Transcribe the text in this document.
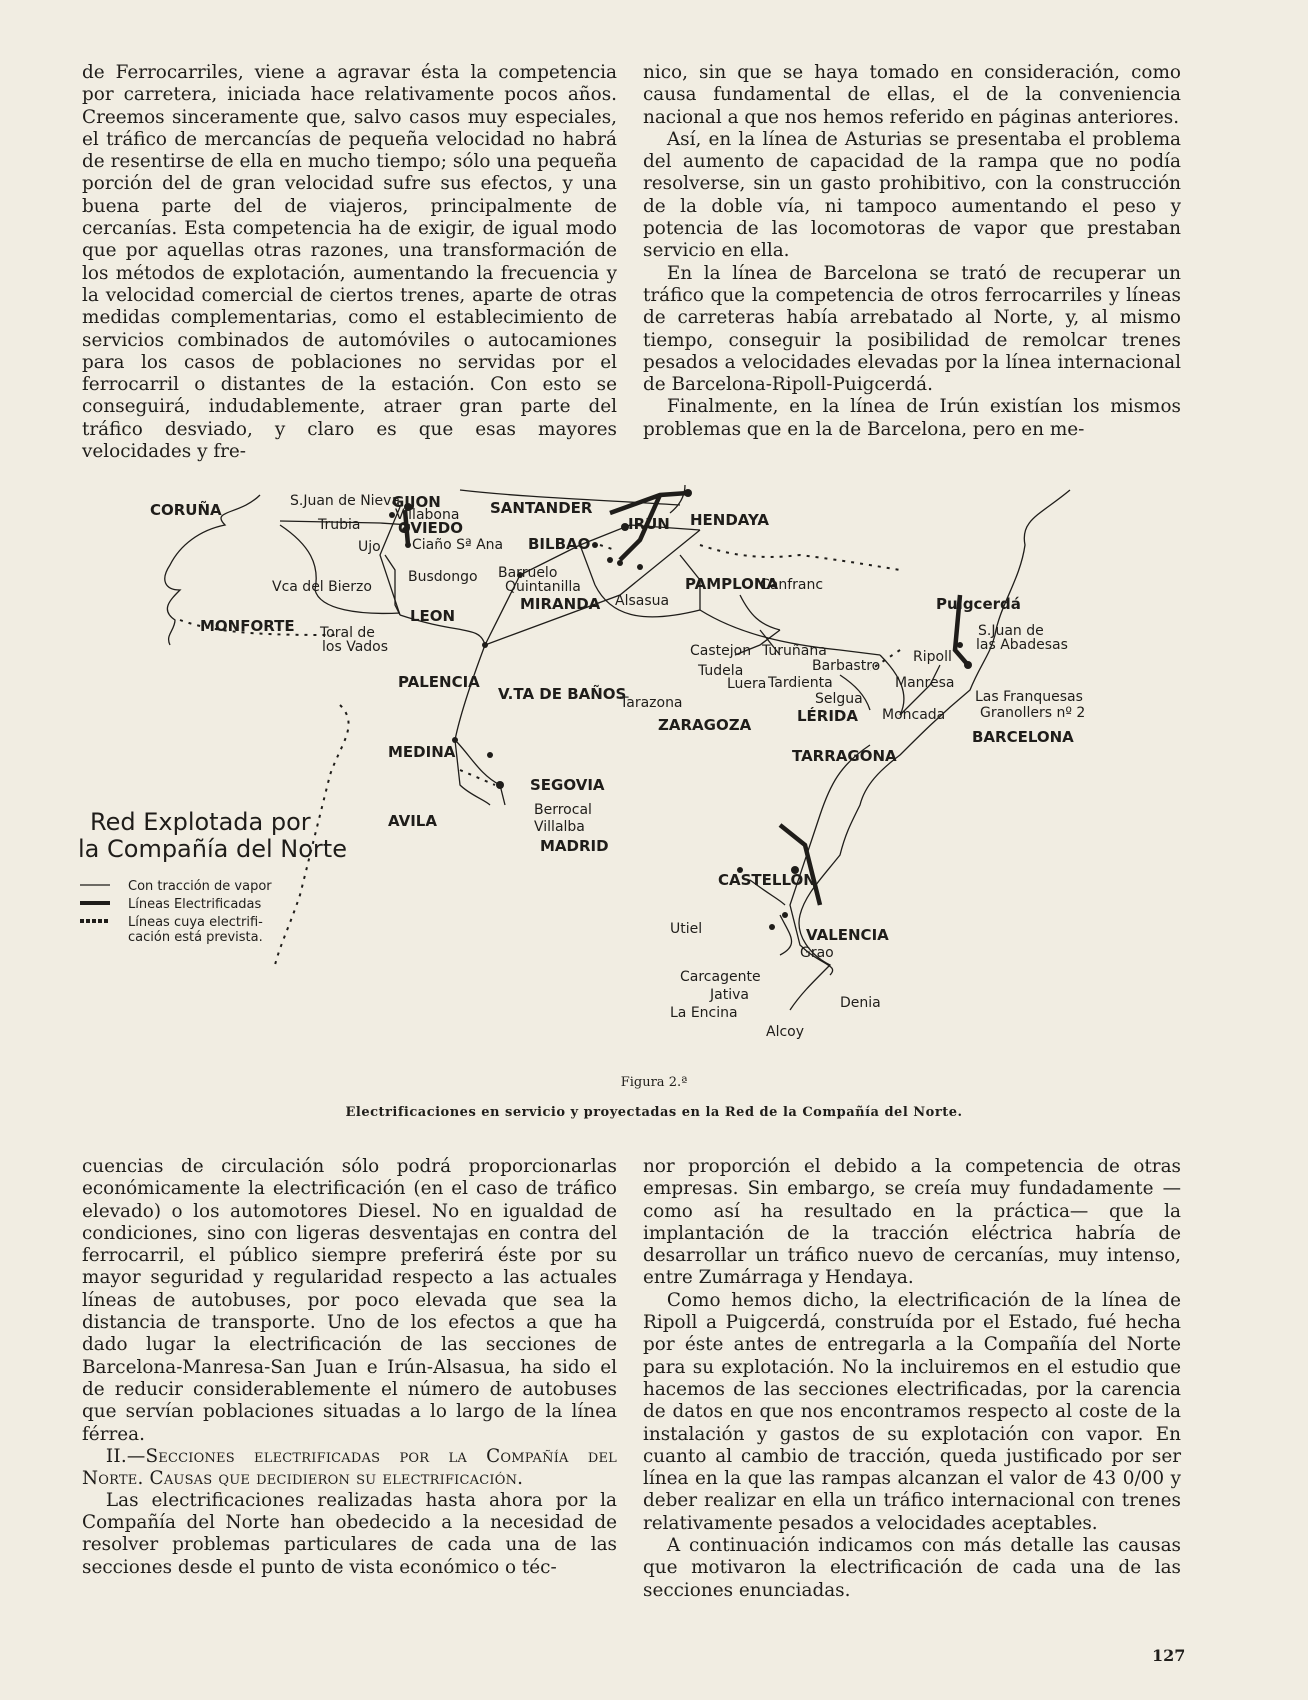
de Ferrocarriles, viene a agravar ésta la competencia por carretera, iniciada hace relativamente pocos años. Creemos sinceramente que, salvo casos muy especiales, el tráfico de mercancías de pequeña velocidad no habrá de resentirse de ella en mucho tiempo; sólo una pequeña porción del de gran velocidad sufre sus efectos, y una buena parte del de viajeros, principalmente de cercanías. Esta competencia ha de exigir, de igual modo que por aquellas otras razones, una transformación de los métodos de explotación, aumentando la frecuencia y la velocidad comercial de ciertos trenes, aparte de otras medidas complementarias, como el establecimiento de servicios combinados de automóviles o autocamiones para los casos de poblaciones no servidas por el ferrocarril o distantes de la estación. Con esto se conseguirá, indudablemente, atraer gran parte del tráfico desviado, y claro es que esas mayores velocidades y fre-

nico, sin que se haya tomado en consideración, como causa fundamental de ellas, el de la conveniencia nacional a que nos hemos referido en páginas anteriores.

Así, en la línea de Asturias se presentaba el problema del aumento de capacidad de la rampa que no podía resolverse, sin un gasto prohibitivo, con la construcción de la doble vía, ni tampoco aumentando el peso y potencia de las locomotoras de vapor que prestaban servicio en ella.

En la línea de Barcelona se trató de recuperar un tráfico que la competencia de otros ferrocarriles y líneas de carreteras había arrebatado al Norte, y, al mismo tiempo, conseguir la posibilidad de remolcar trenes pesados a velocidades elevadas por la línea internacional de Barcelona-Ripoll-Puigcerdá.

Finalmente, en la línea de Irún existían los mismos problemas que en la de Barcelona, pero en me-

Red Explotada por
la Compañía del Norte
Con tracción de vapor
Líneas Electrificadas
Líneas cuya electrifi-
cación está prevista.
CORUÑA	S.Juan de Nieva
GIJON	SANTANDER
Trubia
Villabona
OVIEDO	IRUN HENDAYA
Ujo Ciaño Sª Ana BILBAO
Vca del Bierzo
Busdongo Barruelo
Quintanilla
MIRANDA Alsasua
PAMPLONA
Canfranc
Puigcerdá
MONFORTE
LEON
Toral de
los Vados
S.Juan de
las Abadesas
Castejon Turuñana
Barbastro
Ripoll
Tudela
Luera Tardienta	Manresa
PALENCIA
V.TA DE BAÑOS
Tarazona	Selgua	Las Franquesas
LÉRIDA Moncada Granollers nº 2
ZARAGOZA
BARCELONA
TARRAGONA
MEDINA
SEGOVIA
AVILA
Berrocal
Villalba
MADRID
CASTELLON
Utiel	VALENCIA
Grao
Carcagente
Jativa	Denia
La Encina
Alcoy
Figura 2.ª
Electrificaciones en servicio y proyectadas en la Red de la Compañía del Norte.

cuencias de circulación sólo podrá proporcionarlas económicamente la electrificación (en el caso de tráfico elevado) o los automotores Diesel. No en igualdad de condiciones, sino con ligeras desventajas en contra del ferrocarril, el público siempre preferirá éste por su mayor seguridad y regularidad respecto a las actuales líneas de autobuses, por poco elevada que sea la distancia de transporte. Uno de los efectos a que ha dado lugar la electrificación de las secciones de Barcelona-Manresa-San Juan e Irún-Alsasua, ha sido el de reducir considerablemente el número de autobuses que servían poblaciones situadas a lo largo de la línea férrea.

II.—Secciones electrificadas por la Compañía del Norte. Causas que decidieron su electrificación.

Las electrificaciones realizadas hasta ahora por la Compañía del Norte han obedecido a la necesidad de resolver problemas particulares de cada una de las secciones desde el punto de vista económico o téc-

nor proporción el debido a la competencia de otras empresas. Sin embargo, se creía muy fundadamente —como así ha resultado en la práctica— que la implantación de la tracción eléctrica habría de desarrollar un tráfico nuevo de cercanías, muy intenso, entre Zumárraga y Hendaya.

Como hemos dicho, la electrificación de la línea de Ripoll a Puigcerdá, construída por el Estado, fué hecha por éste antes de entregarla a la Compañía del Norte para su explotación. No la incluiremos en el estudio que hacemos de las secciones electrificadas, por la carencia de datos en que nos encontramos respecto al coste de la instalación y gastos de su explotación con vapor. En cuanto al cambio de tracción, queda justificado por ser línea en la que las rampas alcanzan el valor de 43 0/00 y deber realizar en ella un tráfico internacional con trenes relativamente pesados a velocidades aceptables.

A continuación indicamos con más detalle las causas que motivaron la electrificación de cada una de las secciones enunciadas.

127
